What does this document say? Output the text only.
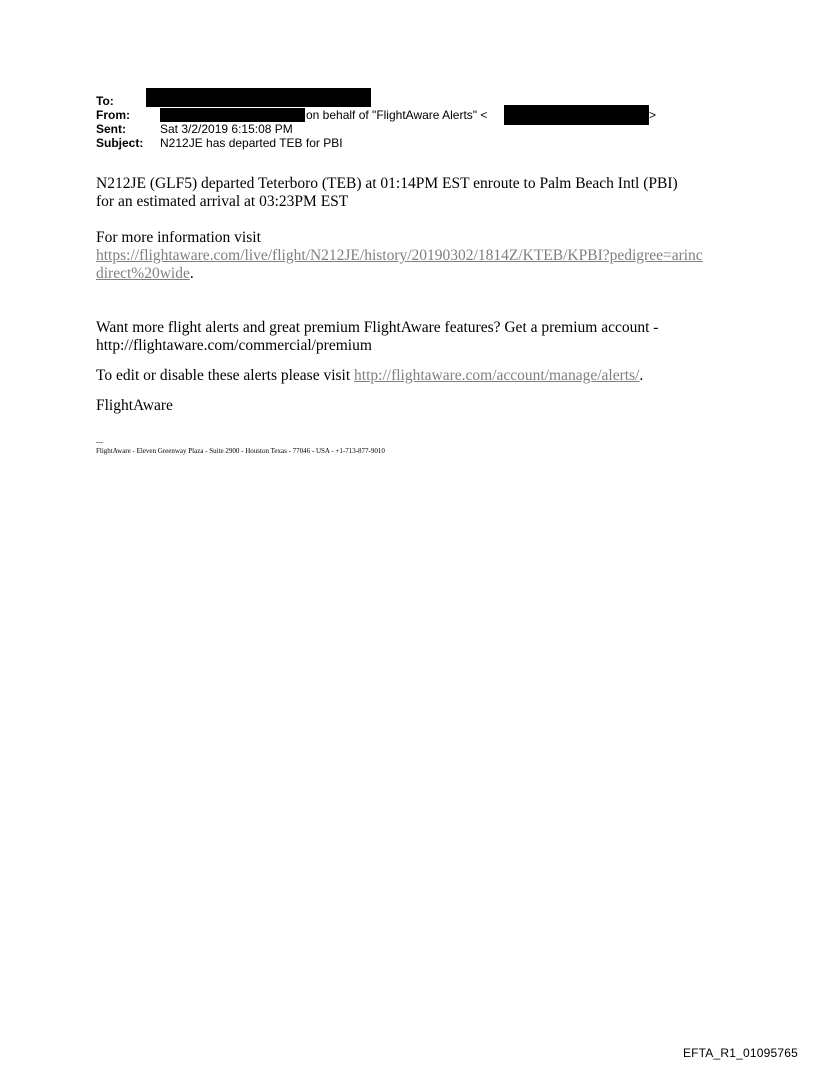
To:
From:	on behalf of "FlightAware Alerts" <	>
Sent:	Sat 3/2/2019 6:15:08 PM
Subject: N212JE has departed TEB for PBI

N212JE (GLF5) departed Teterboro (TEB) at 01:14PM EST enroute to Palm Beach Intl (PBI)
for an estimated arrival at 03:23PM EST

For more information visit
https://flightaware.com/live/flight/N212JE/history/20190302/1814Z/KTEB/KPBI?pedigree=arinc
direct%20wide.

Want more flight alerts and great premium FlightAware features? Get a premium account -
http://flightaware.com/commercial/premium

To edit or disable these alerts please visit http://flightaware.com/account/manage/alerts/.

FlightAware

---
FlightAware - Eleven Greenway Plaza - Suite 2900 - Houston Texas - 77046 - USA - +1-713-877-9010
EFTA_R1_01095765
